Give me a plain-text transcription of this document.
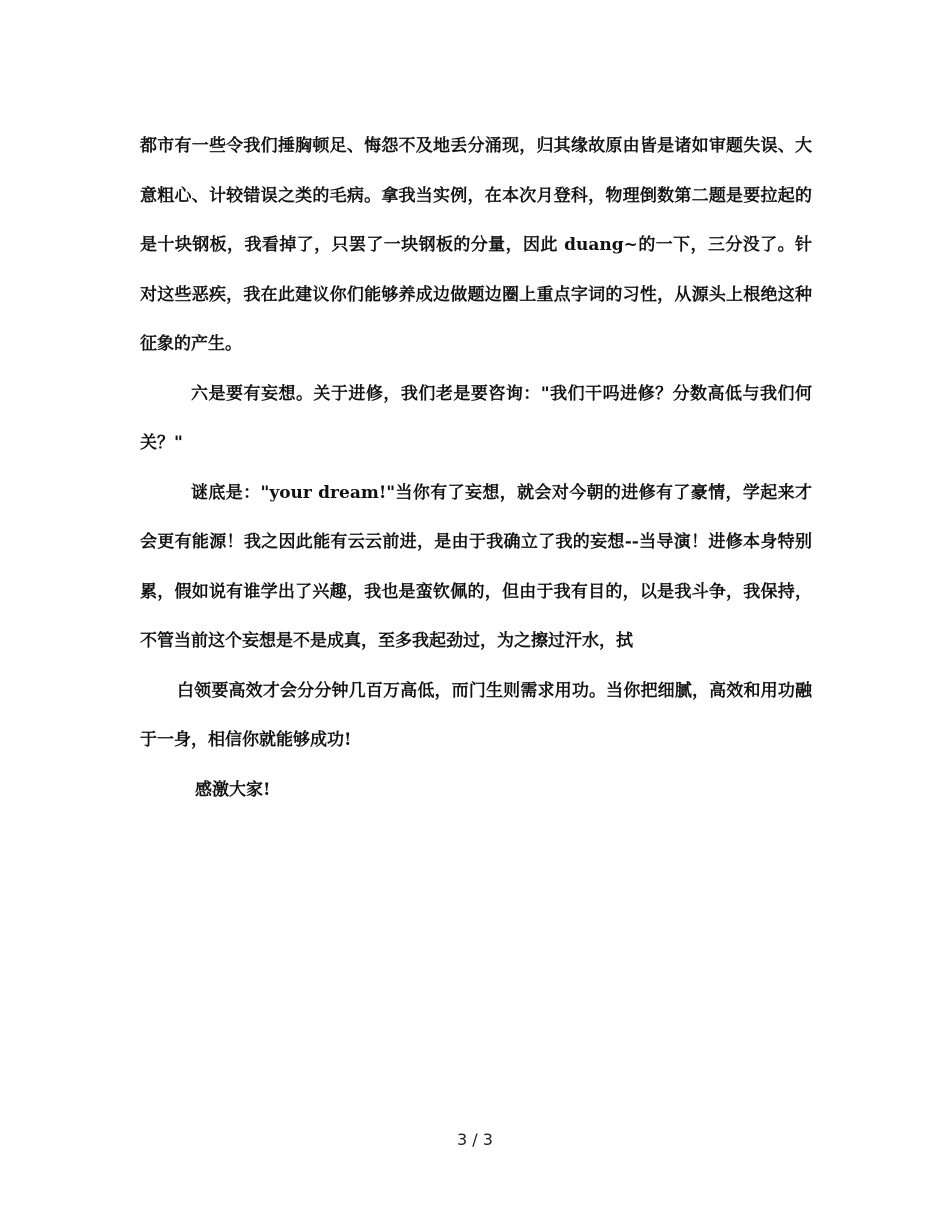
都市有一些令我们捶胸顿足、悔怨不及地丢分涌现，归其缘故原由皆是诸如审题失误、大意粗心、计较错误之类的毛病。拿我当实例，在本次月登科，物理倒数第二题是要拉起的是十块钢板，我看掉了，只罢了一块钢板的分量，因此 duang~的一下，三分没了。针对这些恶疾，我在此建议你们能够养成边做题边圈上重点字词的习性，从源头上根绝这种征象的产生。

六是要有妄想。关于进修，我们老是要咨询："我们干吗进修？分数高低与我们何关？"

谜底是："your dream!"当你有了妄想，就会对今朝的进修有了豪情，学起来才会更有能源！我之因此能有云云前进，是由于我确立了我的妄想--当导演！进修本身特别累，假如说有谁学出了兴趣，我也是蛮钦佩的，但由于我有目的，以是我斗争，我保持，不管当前这个妄想是不是成真，至多我起劲过，为之擦过汗水，拭

白领要高效才会分分钟几百万高低，而门生则需求用功。当你把细腻，高效和用功融于一身，相信你就能够成功!

感激大家!

3 / 3
